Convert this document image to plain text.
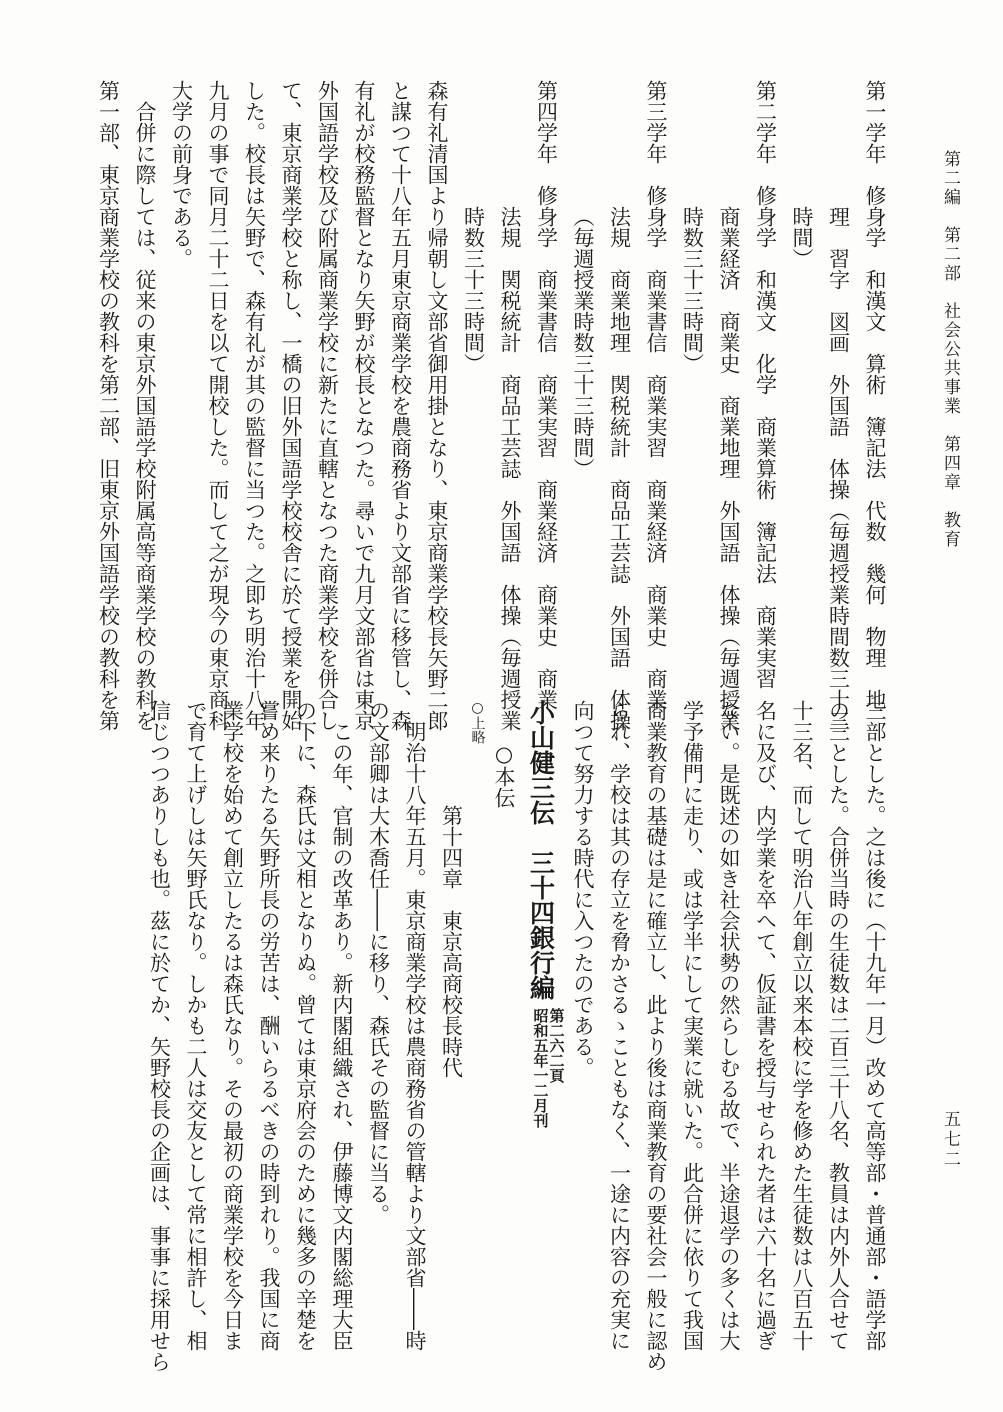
第二編　第二部　社会公共事業　第四章　教育
五七二
第一学年　修身学　和漢文　算術　簿記法　代数　幾何　物理　地
理　習字　図画　外国語　体操（毎週授業時間数三十三
時間）
第二学年　修身学　和漢文　化学　商業算術　簿記法　商業実習
商業経済　商業史　商業地理　外国語　体操（毎週授業
時数三十三時間）
第三学年　修身学　商業書信　商業実習　商業経済　商業史　商業
法規　商業地理　関税統計　商品工芸誌　外国語　体操
（毎週授業時数三十三時間）
第四学年　修身学　商業書信　商業実習　商業経済　商業史　商業
法規　関税統計　商品工芸誌　外国語　体操（毎週授業
時数三十三時間）
森有礼清国より帰朝し文部省御用掛となり、東京商業学校長矢野二郎
と謀つて十八年五月東京商業学校を農商務省より文部省に移管し、森
有礼が校務監督となり矢野が校長となつた。尋いで九月文部省は東京
外国語学校及び附属商業学校に新たに直轄となつた商業学校を併合し
て、東京商業学校と称し、一橋の旧外国語学校校舎に於て授業を開始
した。校長は矢野で、森有礼が其の監督に当つた。之即ち明治十八年
九月の事で同月二十二日を以て開校した。而して之が現今の東京商科
大学の前身である。
合併に際しては、従来の東京外国語学校附属高等商業学校の教科を
第一部、東京商業学校の教科を第二部、旧東京外国語学校の教科を第
三部とした。之は後に（十九年一月）改めて高等部・普通部・語学部
の三とした。合併当時の生徒数は二百三十八名、教員は内外人合せて
十三名、而して明治八年創立以来本校に学を修めた生徒数は八百五十
名に及び、内学業を卒へて、仮証書を授与せられた者は六十名に過ぎ
ない。是既述の如き社会状勢の然らしむる故で、半途退学の多くは大
学予備門に走り、或は学半にして実業に就いた。此合併に依りて我国
商業教育の基礎は是に確立し、此より後は商業教育の要社会一般に認め
られ、学校は其の存立を脅かさるゝこともなく、一途に内容の充実に
向つて努力する時代に入つたのである。
小山健三伝　三十四銀行編第二六二頁
昭和五年一二月刊
○本伝
○上略
第十四章　東京高商校長時代
明治十八年五月。東京商業学校は農商務省の管轄より文部省――時
の文部卿は大木喬任――に移り、森氏その監督に当る。
この年、官制の改革あり。新内閣組織され、伊藤博文内閣総理大臣
の下に、森氏は文相となりぬ。曾ては東京府会のために幾多の辛楚を
嘗め来りたる矢野所長の労苦は、酬いらるべきの時到れり。我国に商
業学校を始めて創立したるは森氏なり。その最初の商業学校を今日ま
で育て上げしは矢野氏なり。しかも二人は交友として常に相許し、相
信じつつありしも也。茲に於てか、矢野校長の企画は、事事に採用せら
